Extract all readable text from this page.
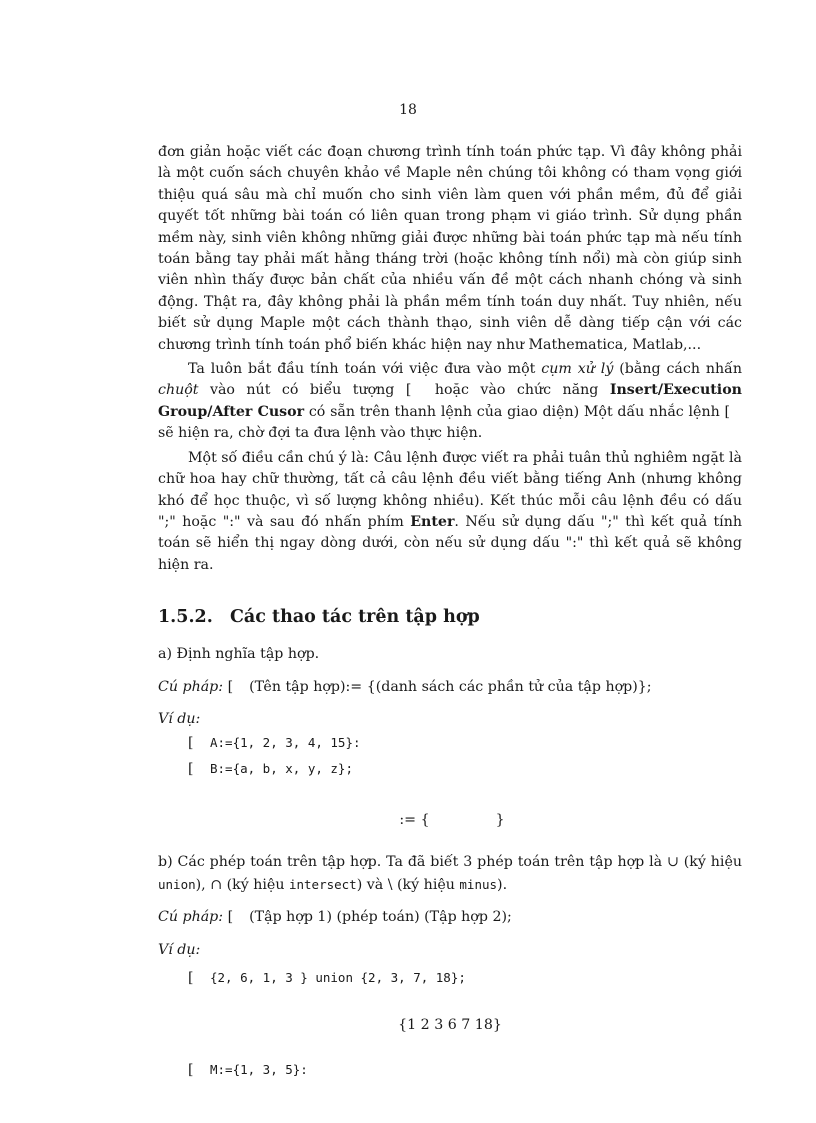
18

đơn giản hoặc viết các đoạn chương trình tính toán phức tạp. Vì đây không phải là một cuốn sách chuyên khảo về Maple nên chúng tôi không có tham vọng giới thiệu quá sâu mà chỉ muốn cho sinh viên làm quen với phần mềm, đủ để giải quyết tốt những bài toán có liên quan trong phạm vi giáo trình. Sử dụng phần mềm này, sinh viên không những giải được những bài toán phức tạp mà nếu tính toán bằng tay phải mất hằng tháng trời (hoặc không tính nổi) mà còn giúp sinh viên nhìn thấy được bản chất của nhiều vấn đề một cách nhanh chóng và sinh động. Thật ra, đây không phải là phần mềm tính toán duy nhất. Tuy nhiên, nếu biết sử dụng Maple một cách thành thạo, sinh viên dễ dàng tiếp cận với các chương trình tính toán phổ biến khác hiện nay như Mathematica, Matlab,...

Ta luôn bắt đầu tính toán với việc đưa vào một cụm xử lý (bằng cách nhấn chuột vào nút có biểu tượng [ hoặc vào chức năng Insert/Execution Group/After Cusor có sẵn trên thanh lệnh của giao diện) Một dấu nhắc lệnh [ sẽ hiện ra, chờ đợi ta đưa lệnh vào thực hiện.

Một số điều cần chú ý là: Câu lệnh được viết ra phải tuân thủ nghiêm ngặt là chữ hoa hay chữ thường, tất cả câu lệnh đều viết bằng tiếng Anh (nhưng không khó để học thuộc, vì số lượng không nhiều). Kết thúc mỗi câu lệnh đều có dấu ";" hoặc ":" và sau đó nhấn phím Enter. Nếu sử dụng dấu ";" thì kết quả tính toán sẽ hiển thị ngay dòng dưới, còn nếu sử dụng dấu ":" thì kết quả sẽ không hiện ra.

1.5.2. Các thao tác trên tập hợp

a) Định nghĩa tập hợp.

Cú pháp: [ (Tên tập hợp):= {(danh sách các phần tử của tập hợp)};

Ví dụ:

[ A:={1, 2, 3, 4, 15}:
[ B:={a, b, x, y, z};
:= {	}

b) Các phép toán trên tập hợp. Ta đã biết 3 phép toán trên tập hợp là ∪ (ký hiệu union), ∩ (ký hiệu intersect) và \ (ký hiệu minus).

Cú pháp: [ (Tập hợp 1) (phép toán) (Tập hợp 2);

Ví dụ:

[ {2, 6, 1, 3 } union {2, 3, 7, 18};
{1 2 3 6 7 18}
[ M:={1, 3, 5}:
